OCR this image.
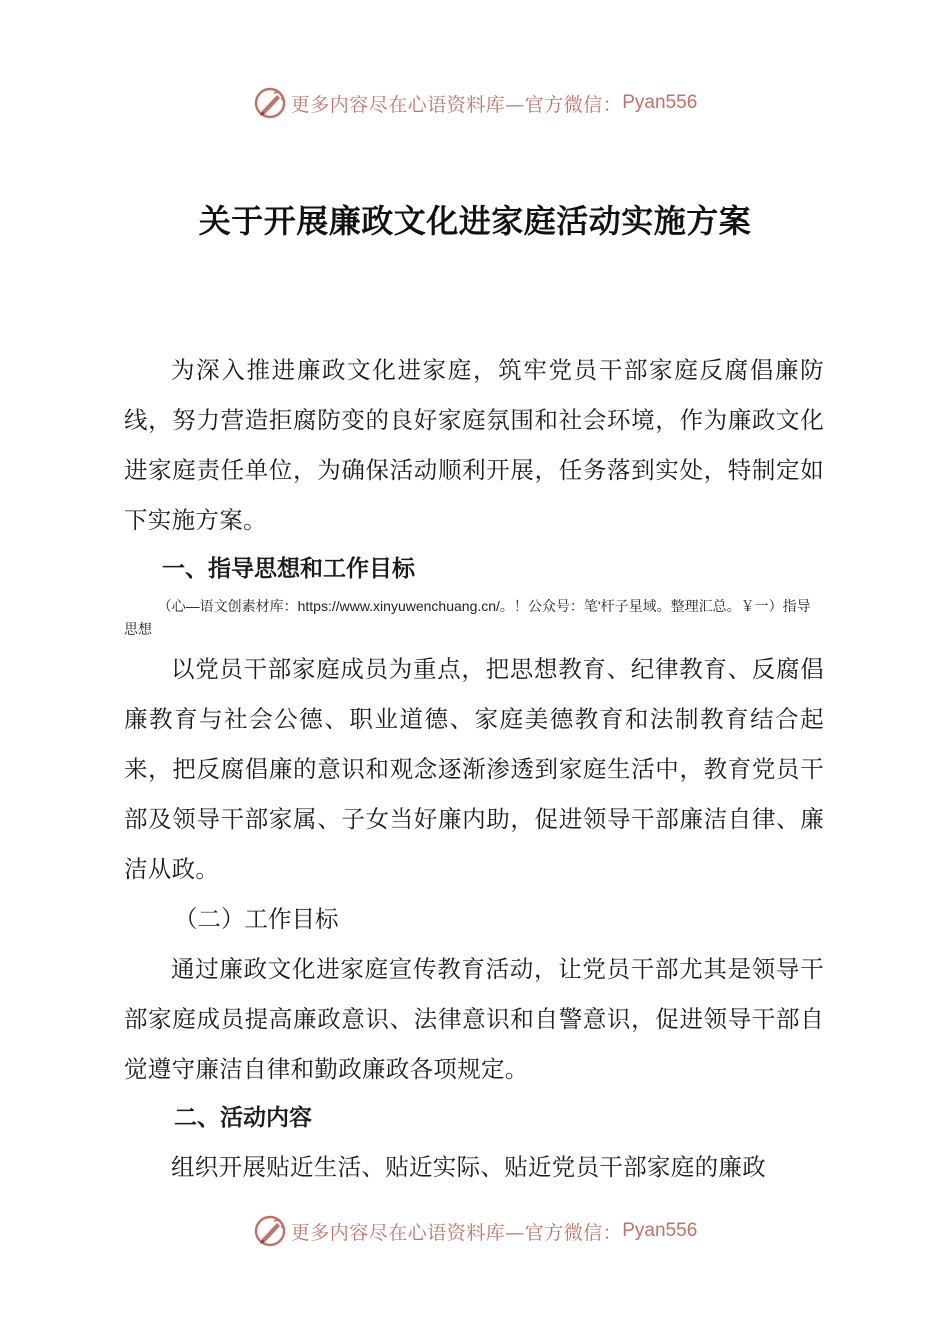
更多内容尽在心语资料库—官方微信： Pyan556
关于开展廉政文化进家庭活动实施方案

为深入推进廉政文化进家庭，筑牢党员干部家庭反腐倡廉防线，努力营造拒腐防变的良好家庭氛围和社会环境，作为廉政文化进家庭责任单位，为确保活动顺利开展，任务落到实处，特制定如下实施方案。

一、指导思想和工作目标

（心—语文创素材库：https://www.xinyuwenchuang.cn/。！公众号：笔'杆子星域。整理汇总。￥一）指导思想

以党员干部家庭成员为重点，把思想教育、纪律教育、反腐倡廉教育与社会公德、职业道德、家庭美德教育和法制教育结合起来，把反腐倡廉的意识和观念逐渐渗透到家庭生活中，教育党员干部及领导干部家属、子女当好廉内助，促进领导干部廉洁自律、廉洁从政。

（二）工作目标

通过廉政文化进家庭宣传教育活动，让党员干部尤其是领导干部家庭成员提高廉政意识、法律意识和自警意识，促进领导干部自觉遵守廉洁自律和勤政廉政各项规定。

二、活动内容

组织开展贴近生活、贴近实际、贴近党员干部家庭的廉政

更多内容尽在心语资料库—官方微信： Pyan556
